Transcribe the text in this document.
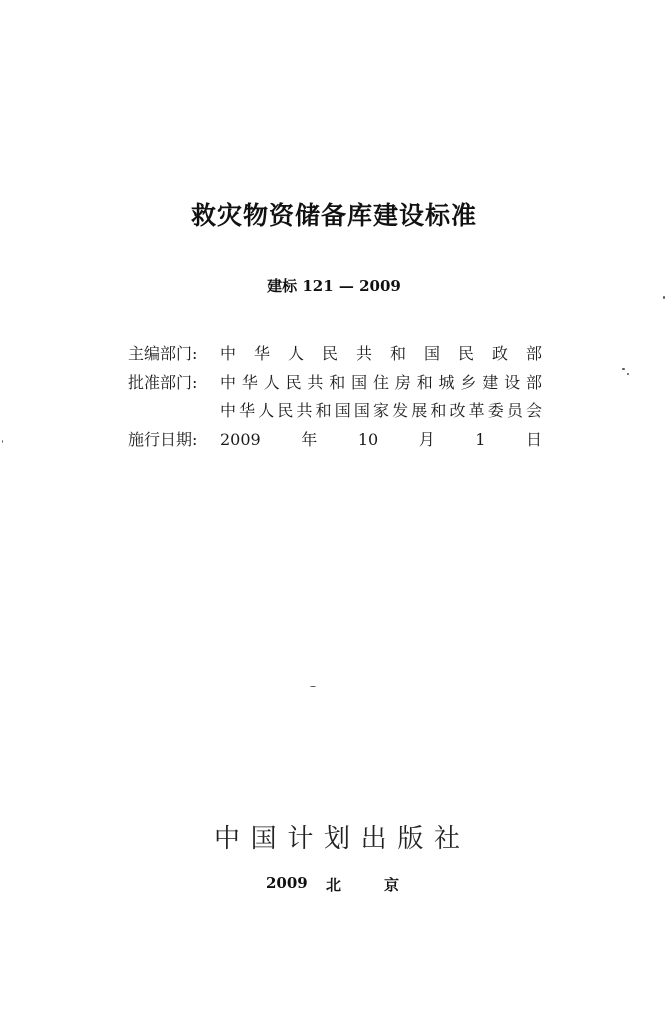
救灾物资储备库建设标准
建标 121 — 2009
主编部门:	中华人民共和国民政部
批准部门:	中华人民共和国住房和城乡建设部
中华人民共和国国家发展和改革委员会
施行日期:	2009年10月1日
中国计划出版社
2009 北	京
